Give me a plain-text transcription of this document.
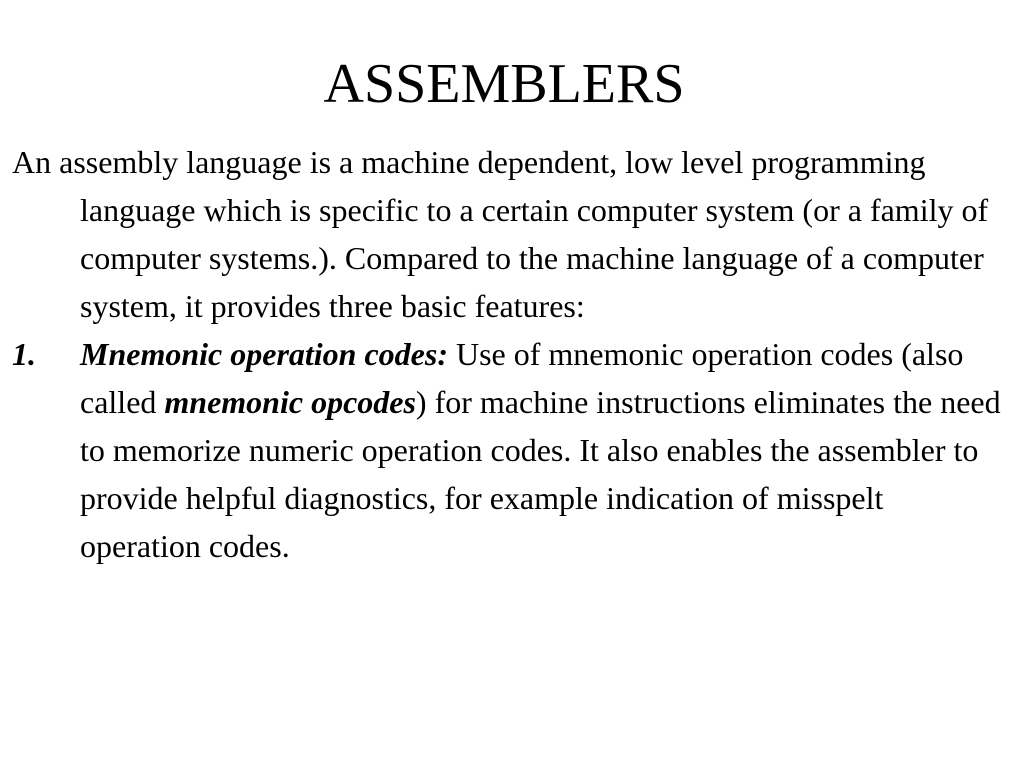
ASSEMBLERS

An assembly language is a machine dependent, low level programming language which is specific to a certain computer system (or a family of computer systems.). Compared to the machine language of a computer system, it provides three basic features:

1. Mnemonic operation codes: Use of mnemonic operation codes (also called mnemonic opcodes) for machine instructions eliminates the need to memorize numeric operation codes. It also enables the assembler to provide helpful diagnostics, for example indication of misspelt operation codes.
